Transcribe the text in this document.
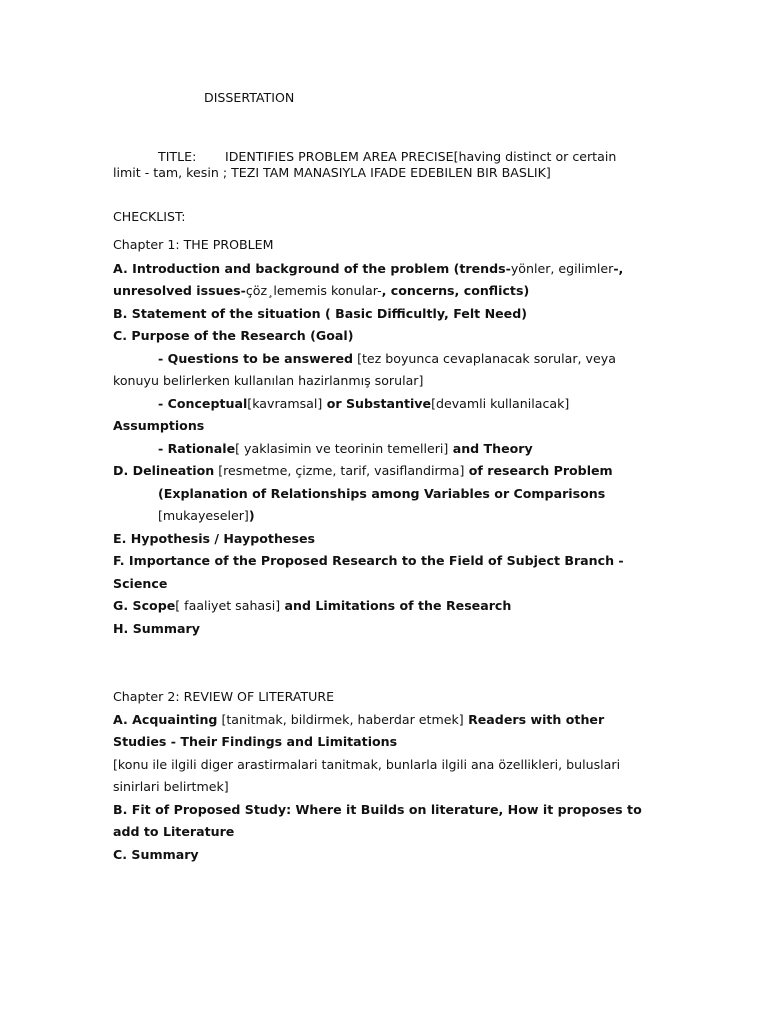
DISSERTATION

TITLE: IDENTIFIES PROBLEM AREA PRECISE[having distinct or certain

limit - tam, kesin ; TEZI TAM MANASIYLA IFADE EDEBILEN BIR BASLIK]

CHECKLIST:

Chapter 1: THE PROBLEM

A. Introduction and background of the problem (trends-yönler, egilimler-,

unresolved issues-çöz¸lememis konular-, concerns, conflicts)

B. Statement of the situation ( Basic Difficultly, Felt Need)

C. Purpose of the Research (Goal)

- Questions to be answered [tez boyunca cevaplanacak sorular, veya

konuyu belirlerken kullanılan hazirlanmış sorular]

- Conceptual[kavramsal] or Substantive[devamli kullanilacak]

Assumptions

- Rationale[ yaklasimin ve teorinin temelleri] and Theory

D. Delineation [resmetme, çizme, tarif, vasiflandirma] of research Problem

(Explanation of Relationships among Variables or Comparisons

[mukayeseler])

E. Hypothesis / Haypotheses

F. Importance of the Proposed Research to the Field of Subject Branch -

Science

G. Scope[ faaliyet sahasi] and Limitations of the Research

H. Summary

Chapter 2: REVIEW OF LITERATURE

A. Acquainting [tanitmak, bildirmek, haberdar etmek] Readers with other

Studies - Their Findings and Limitations

[konu ile ilgili diger arastirmalari tanitmak, bunlarla ilgili ana özellikleri, buluslari

sinirlari belirtmek]

B. Fit of Proposed Study: Where it Builds on literature, How it proposes to

add to Literature

C. Summary
